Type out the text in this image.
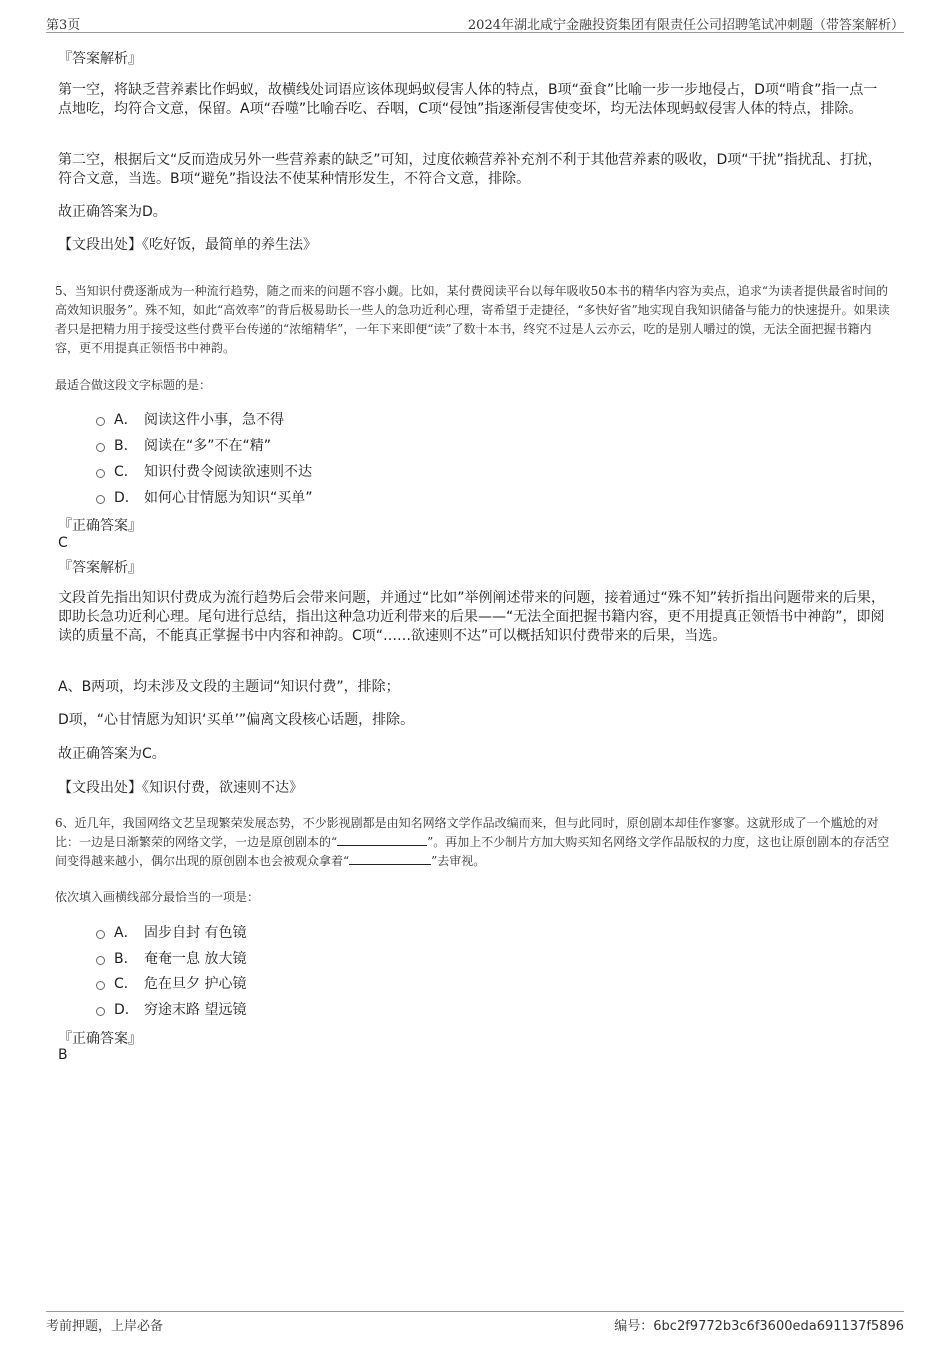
第3页	2024年湖北咸宁金融投资集团有限责任公司招聘笔试冲刺题（带答案解析）
『答案解析』
第一空，将缺乏营养素比作蚂蚁，故横线处词语应该体现蚂蚁侵害人体的特点，B项“蚕食”比喻一步一步地侵占，D项“啃食”指一点一点地吃，均符合文意，保留。A项“吞噬”比喻吞吃、吞咽，C项“侵蚀”指逐渐侵害使变坏，均无法体现蚂蚁侵害人体的特点，排除。
第二空，根据后文“反而造成另外一些营养素的缺乏”可知，过度依赖营养补充剂不利于其他营养素的吸收，D项“干扰”指扰乱、打扰，符合文意，当选。B项“避免”指设法不使某种情形发生，不符合文意，排除。
故正确答案为D。
【文段出处】《吃好饭，最简单的养生法》
5、当知识付费逐渐成为一种流行趋势，随之而来的问题不容小觑。比如，某付费阅读平台以每年吸收50本书的精华内容为卖点，追求“为读者提供最省时间的高效知识服务”。殊不知，如此“高效率”的背后极易助长一些人的急功近利心理，寄希望于走捷径，“多快好省”地实现自我知识储备与能力的快速提升。如果读者只是把精力用于接受这些付费平台传递的“浓缩精华”，一年下来即便“读”了数十本书，终究不过是人云亦云，吃的是别人嚼过的馍，无法全面把握书籍内容，更不用提真正领悟书中神韵。
最适合做这段文字标题的是：
A． 阅读这件小事，急不得
B． 阅读在“多”不在“精”
C． 知识付费令阅读欲速则不达
D． 如何心甘情愿为知识“买单”
『正确答案』
C
『答案解析』
文段首先指出知识付费成为流行趋势后会带来问题，并通过“比如”举例阐述带来的问题，接着通过“殊不知”转折指出问题带来的后果，即助长急功近利心理。尾句进行总结，指出这种急功近利带来的后果——“无法全面把握书籍内容，更不用提真正领悟书中神韵”，即阅读的质量不高，不能真正掌握书中内容和神韵。C项“……欲速则不达”可以概括知识付费带来的后果，当选。
A、B两项，均未涉及文段的主题词“知识付费”，排除；
D项，“心甘情愿为知识‘买单’”偏离文段核心话题，排除。
故正确答案为C。
【文段出处】《知识付费，欲速则不达》
6、近几年，我国网络文艺呈现繁荣发展态势，不少影视剧都是由知名网络文学作品改编而来，但与此同时，原创剧本却佳作寥寥。这就形成了一个尴尬的对比：一边是日渐繁荣的网络文学，一边是原创剧本的“	”。再加上不少制片方加大购买知名网络文学作品版权的力度，这也让原创剧本的存活空间变得越来越小，偶尔出现的原创剧本也会被观众拿着“	”去审视。
依次填入画横线部分最恰当的一项是：
A． 固步自封 有色镜
B． 奄奄一息 放大镜
C． 危在旦夕 护心镜
D． 穷途末路 望远镜
『正确答案』
B
考前押题，上岸必备	编号：6bc2f9772b3c6f3600eda691137f5896
